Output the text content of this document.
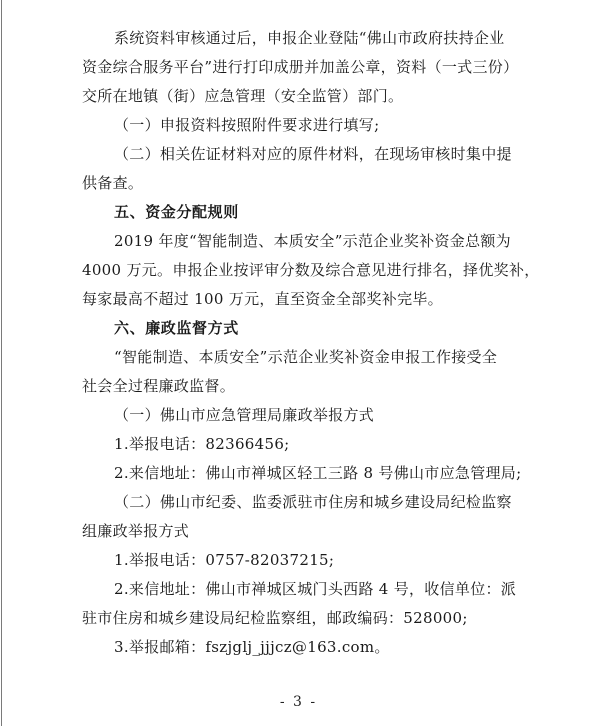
系统资料审核通过后，申报企业登陆“佛山市政府扶持企业
资金综合服务平台”进行打印成册并加盖公章，资料（一式三份）
交所在地镇（街）应急管理（安全监管）部门。
（一）申报资料按照附件要求进行填写;
（二）相关佐证材料对应的原件材料，在现场审核时集中提
供备查。
五、资金分配规则
2019 年度“智能制造、本质安全”示范企业奖补资金总额为
4000 万元。申报企业按评审分数及综合意见进行排名，择优奖补，
每家最高不超过 100 万元，直至资金全部奖补完毕。
六、廉政监督方式
“智能制造、本质安全”示范企业奖补资金申报工作接受全
社会全过程廉政监督。
（一）佛山市应急管理局廉政举报方式
1.举报电话：82366456;
2.来信地址：佛山市禅城区轻工三路 8 号佛山市应急管理局;
（二）佛山市纪委、监委派驻市住房和城乡建设局纪检监察
组廉政举报方式
1.举报电话：0757-82037215;
2.来信地址：佛山市禅城区城门头西路 4 号，收信单位：派
驻市住房和城乡建设局纪检监察组，邮政编码：528000;
3.举报邮箱：fszjglj_jjjcz@163.com。
- 3 -
